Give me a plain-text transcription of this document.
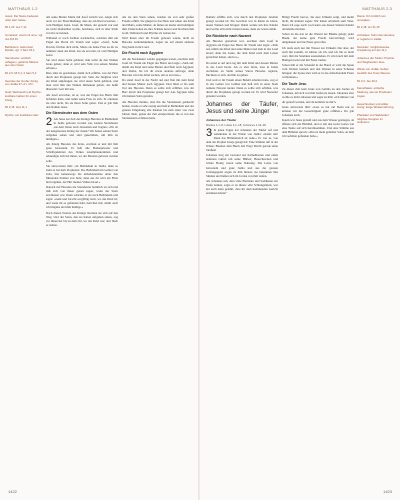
MATTHÄUS 1.2
Jesus: Der Name bedeutet »Der Herr rettet«.
Mt 1,23: Jes 7,14
Immanuel: »Gott mit uns«; vgl. Jes 8,8.10.
Bethlehem: Geburtsort Davids; vgl. 1 Sam 16,1.
Sterndeuter: wörtlich »Magier«; gelehrte Männer aus dem Osten.
Mt 2,6: Mi 5,1; 2 Sam 5,2
Herodes der Große: König von Judäa 37–4 v. Chr.
Gold, Weihrauch und Myrrhe: kostbare Gaben für einen König.
Mt 2,15: Hos 11,1
Myrrhe: ein kostbares Harz.

Als seine Mutter Maria mit Josef verlobt war, zeigte sich noch vor der Eheschließung, dass sie ein Kind erwartete – vom Heiligen Geist. Josef, ihr Mann, der gerecht war und sie nicht bloßstellen wollte, beschloss, sich in aller Stille von ihr zu trennen.

Während er noch darüber nachdachte, erschien ihm ein Engel des Herrn im Traum und sagte: »Josef, Sohn Davids, fürchte dich nicht, Maria als deine Frau zu dir zu nehmen; denn das Kind, das sie erwartet, ist vom Heiligen Geist.

Sie wird einen Sohn gebären; ihm sollst du den Namen Jesus geben; denn er wird sein Volk von seinen Sünden erlösen.«

Dies alles ist geschehen, damit sich erfüllte, was der Herr durch den Propheten gesagt hat: Seht, die Jungfrau wird ein Kind empfangen, sie wird einen Sohn gebären, und man wird ihm den Namen Immanuel geben, das heißt übersetzt: Gott mit uns.

Als Josef erwachte, tat er, was der Engel des Herrn ihm befohlen hatte, und nahm seine Frau zu sich. Er erkannte sie aber nicht, bis sie ihren Sohn gebar. Und er gab ihm den Namen Jesus.

Die Sterndeuter aus dem Osten

2 Als Jesus zur Zeit des Königs Herodes in Bethlehem in Judäa geboren worden war, kamen Sterndeuter aus dem Osten nach Jerusalem und fragten: »Wo ist der neugeborene König der Juden? Wir haben seinen Stern aufgehen sehen und sind gekommen, um ihm zu huldigen.«

Als König Herodes das hörte, erschrak er und mit ihm ganz Jerusalem. Er ließ alle Hohenpriester und Schriftgelehrten des Volkes zusammenkommen und erkundigte sich bei ihnen, wo der Messias geboren werden solle.

Sie antworteten ihm: »In Bethlehem in Judäa; denn so steht es bei dem Propheten: Du, Bethlehem im Gebiet von Juda, bist keineswegs die unbedeutendste unter den führenden Städten von Juda; denn aus dir wird ein Fürst hervorgehen, der Hirt meines Volkes Israel.«

Danach rief Herodes die Sterndeuter heimlich zu sich und ließ sich von ihnen genau sagen, wann der Stern erschienen war. Dann schickte er sie nach Bethlehem und sagte: »Geht und forscht sorgfältig nach, wo das Kind ist; und wenn ihr es gefunden habt, berichtet mir, damit auch ich hingehe und ihm huldige.«

Nach diesen Worten des Königs machten sie sich auf den Weg. Und der Stern, den sie hatten aufgehen sehen, zog vor ihnen her bis zu dem Ort, wo das Kind war; dort blieb er stehen.

Als sie den Stern sahen, wurden sie von sehr großer Freude erfüllt. Sie gingen in das Haus und sahen das Kind und Maria, seine Mutter; da fielen sie nieder und huldigten ihm. Dann holten sie ihre Schätze hervor und brachten ihm Gold, Weihrauch und Myrrhe als Gaben dar.

Weil ihnen aber im Traum geboten wurde, nicht zu Herodes zurückzukehren, zogen sie auf einem anderen Weg heim in ihr Land.

Die Flucht nach Ägypten

Als die Sterndeuter wieder gegangen waren, erschien dem Josef im Traum ein Engel des Herrn und sagte: »Steh auf, nimm das Kind und seine Mutter und flieh nach Ägypten; dort bleibe, bis ich dir etwas anderes auftrage; denn Herodes wird das Kind suchen, um es zu töten.«

Da stand Josef in der Nacht auf und floh mit dem Kind und dessen Mutter nach Ägypten. Dort blieb er bis zum Tod des Herodes. Denn es sollte sich erfüllen, was der Herr durch den Propheten gesagt hat: Aus Ägypten habe ich meinen Sohn gerufen.

Als Herodes merkte, dass ihn die Sterndeuter getäuscht hatten, wurde er sehr zornig und ließ in Bethlehem und der ganzen Umgebung alle Knaben bis zum Alter von zwei Jahren töten, genau der Zeit entsprechend, die er von den Sterndeutern erfahren hatte.

1422
MATTHÄUS 2.3

Damals erfüllte sich, was durch den Propheten Jeremia gesagt worden ist: Ein Geschrei war in Rama zu hören, lautes Weinen und Klagen: Rahel weinte um ihre Kinder und wollte sich nicht trösten lassen, denn sie waren dahin.

Die Rückkehr nach Nazaret

Als Herodes gestorben war, erschien dem Josef in Ägypten ein Engel des Herrn im Traum und sagte: »Steh auf, nimm das Kind und seine Mutter und zieh in das Land Israel; denn die Leute, die dem Kind nach dem Leben getrachtet haben, sind tot.«

Da stand er auf und zog mit dem Kind und dessen Mutter in das Land Israel. Als er aber hörte, dass in Judäa Archelaus an Stelle seines Vaters Herodes regierte, fürchtete er sich, dorthin zu gehen.

Und weil er im Traum einen Befehl erhalten hatte, zog er in das Gebiet von Galiläa und ließ sich in einer Stadt namens Nazaret nieder. Denn es sollte sich erfüllen, was durch die Propheten gesagt worden ist: Er wird Nazoräer genannt werden.

Johannes der Täufer, Jesus und seine Jünger
Johannes der Täufer
Markus 1,1–8; Lukas 3,1–18; Johannes 1,19–28

3 In jenen Tagen trat Johannes der Täufer auf und verkündete in der Wüste von Judäa: »Kehrt um! Denn das Himmelreich ist nahe.« Er war es, von dem der Prophet Jesaja gesagt hat: Eine Stimme ruft in der Wüste: Bereitet dem Herrn den Weg! Macht gerade seine Straßen!

Johannes trug ein Gewand aus Kamelhaaren und einen ledernen Gürtel um seine Hüften; Heuschrecken und wilder Honig waren seine Nahrung. Die Leute von Jerusalem und ganz Judäa und aus der ganzen Jordangegend zogen zu ihm hinaus; sie bekannten ihre Sünden und ließen sich im Jordan von ihm taufen.

Als Johannes sah, dass viele Pharisäer und Sadduzäer zur Taufe kamen, sagte er zu ihnen: »Ihr Schlangenbrut, wer hat euch denn gelehrt, dass ihr dem kommenden Gericht entrinnen könnt?

Bringt Frucht hervor, die eure Umkehr zeigt, und meint nicht, ihr könntet sagen: Wir haben Abraham zum Vater. Denn ich sage euch: Gott kann aus diesen Steinen Kinder Abrahams machen.

Schon ist die Axt an die Wurzel der Bäume gelegt; jeder Baum, der keine gute Frucht hervorbringt, wird umgehauen und ins Feuer geworfen.

Ich taufe euch nur mit Wasser zur Umkehr. Der aber, der nach mir kommt, ist stärker als ich, und ich bin es nicht wert, ihm die Sandalen auszuziehen. Er wird euch mit dem Heiligen Geist und mit Feuer taufen.

Schon hält er die Schaufel in der Hand; er wird die Spreu vom Weizen trennen und den Weizen in seine Scheune bringen; die Spreu aber wird er in nie erlöschendem Feuer verbrennen.«

Die Taufe Jesu

Zu dieser Zeit kam Jesus von Galiläa an den Jordan zu Johannes, um sich von ihm taufen zu lassen. Johannes aber wollte es nicht zulassen und sagte zu ihm: »Ich müsste von dir getauft werden, und du kommst zu mir?«

Jesus antwortete ihm: »Lass es nur zu! Denn nur so können wir die Gerechtigkeit ganz erfüllen.« Da gab Johannes nach.

Kaum war Jesus getauft und aus dem Wasser gestiegen, da öffnete sich der Himmel, und er sah den Geist Gottes wie eine Taube auf sich herabkommen. Und eine Stimme aus dem Himmel sprach: »Das ist mein geliebter Sohn, an dem ich Gefallen gefunden habe.«

Rama: Ort nördlich von Jerusalem.
Mt 2,18: Jer 31,15
Archelaus: Sohn des Herodes; er regierte in Judäa.
Nazoräer: möglicherweise Anspielung auf Jes 11,1.
Johannes der Täufer: Prophet und Wegbereiter Jesu.
Wüste von Judäa: Gebiet westlich des Toten Meeres.
Mt 3,3: Jes 40,3
Kamelhaare: einfache Kleidung, wie sie Propheten trugen.
Heuschrecken und wilder Honig: karge Wüstennahrung.
Pharisäer und Sadduzäer: religiöse Gruppen im Judentum.
1423
